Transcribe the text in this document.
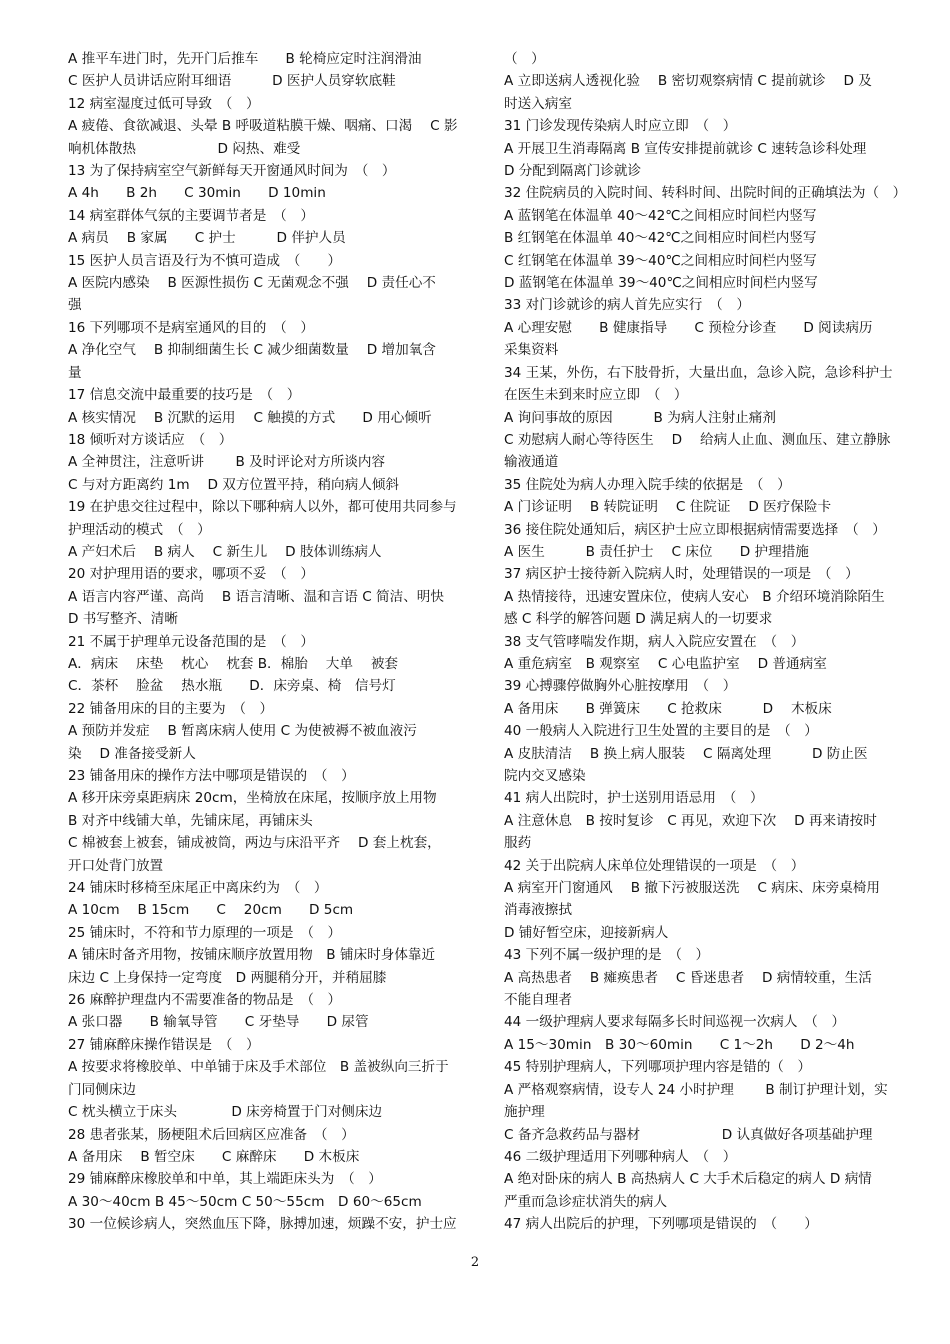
A 推平车进门时，先开门后推车　　B 轮椅应定时注润滑油
C 医护人员讲话应附耳细语　　　D 医护人员穿软底鞋
12 病室湿度过低可导致　（　）
A 疲倦、食欲减退、头晕 B 呼吸道粘膜干燥、咽痛、口渴　 C 影
响机体散热　　　　　　D 闷热、难受
13 为了保持病室空气新鲜每天开窗通风时间为　（　）
A 4h　　B 2h　　C 30min　　D 10min
14 病室群体气氛的主要调节者是　（　）
A 病员　 B 家属　　C 护士　　　D 伴护人员
15 医护人员言语及行为不慎可造成　（　　）
A 医院内感染　 B 医源性损伤 C 无菌观念不强　 D 责任心不
强
16 下列哪项不是病室通风的目的　（　）
A 净化空气　 B 抑制细菌生长 C 减少细菌数量　 D 增加氧含
量
17 信息交流中最重要的技巧是　（　）
A 核实情况　 B 沉默的运用　 C 触摸的方式　　D 用心倾听
18 倾听对方谈话应　（　）
A 全神贯注，注意听讲　　 B 及时评论对方所谈内容
C 与对方距离约 1m　 D 双方位置平持，稍向病人倾斜
19 在护患交往过程中，除以下哪种病人以外，都可使用共同参与
护理活动的模式　（　）
A 产妇术后　 B 病人　 C 新生儿　 D 肢体训练病人
20 对护理用语的要求，哪项不妥　（　）
A 语言内容严谨、高尚　 B 语言清晰、温和言语 C 简洁、明快
D 书写整齐、清晰
21 不属于护理单元设备范围的是　（　）
A．病床　 床垫　 枕心　 枕套 B．棉胎　 大单　 被套
C．茶杯　 脸盆　 热水瓶　　D．床旁桌、椅　信号灯
22 铺备用床的目的主要为　（　）
A 预防并发症　 B 暂离床病人使用 C 为使被褥不被血液污
染　 D 准备接受新人
23 铺备用床的操作方法中哪项是错误的　（　）
A 移开床旁桌距病床 20cm，坐椅放在床尾，按顺序放上用物
B 对齐中线铺大单，先铺床尾，再铺床头
C 棉被套上被套，铺成被筒，两边与床沿平齐　 D 套上枕套，
开口处背门放置
24 铺床时移椅至床尾正中离床约为　（　）
A 10cm　 B 15cm　　C　 20cm　　D 5cm
25 铺床时，不符和节力原理的一项是　（　）
A 铺床时备齐用物，按铺床顺序放置用物　B 铺床时身体靠近
床边 C 上身保持一定弯度　D 两腿稍分开，并稍屈膝
26 麻醉护理盘内不需要准备的物品是　（　）
A 张口器　　B 输氧导管　　C 牙垫导　　D 尿管
27 铺麻醉床操作错误是　（　）
A 按要求将橡胶单、中单铺于床及手术部位　B 盖被纵向三折于
门同侧床边
C 枕头横立于床头　　　　D 床旁椅置于门对侧床边
28 患者张某，肠梗阻术后回病区应准备　（　）
A 备用床　 B 暂空床　　C 麻醉床　　D 木板床
29 铺麻醉床橡胶单和中单，其上端距床头为　（　）
A 30～40cm B 45～50cm C 50～55cm　D 60～65cm
30 一位候诊病人，突然血压下降，脉搏加速，烦躁不安，护士应
（　）
A 立即送病人透视化验　 B 密切观察病情 C 提前就诊　 D 及
时送入病室
31 门诊发现传染病人时应立即　（　）
A 开展卫生消毒隔离 B 宣传安排提前就诊 C 速转急诊科处理
D 分配到隔离门诊就诊
32 住院病员的入院时间、转科时间、出院时间的正确填法为（　）
A 蓝钢笔在体温单 40～42℃之间相应时间栏内竖写
B 红钢笔在体温单 40～42℃之间相应时间栏内竖写
C 红钢笔在体温单 39～40℃之间相应时间栏内竖写
D 蓝钢笔在体温单 39～40℃之间相应时间栏内竖写
33 对门诊就诊的病人首先应实行　（　）
A 心理安慰　　B 健康指导　　C 预检分诊查　　D 阅读病历
采集资料
34 王某，外伤，右下肢骨折，大量出血，急诊入院，急诊科护士
在医生未到来时应立即　（　）
A 询问事故的原因　　　B 为病人注射止痛剂
C 劝慰病人耐心等待医生　 D　 给病人止血、测血压、建立静脉
输液通道
35 住院处为病人办理入院手续的依据是　（　）
A 门诊证明　 B 转院证明　 C 住院证　 D 医疗保险卡
36 接住院处通知后，病区护士应立即根据病情需要选择　（　）
A 医生　　　B 责任护士　 C 床位　　D 护理措施
37 病区护士接待新入院病人时，处理错误的一项是　（　）
A 热情接待，迅速安置床位，使病人安心　B 介绍环境消除陌生
感 C 科学的解答问题 D 满足病人的一切要求
38 支气管哮喘发作期，病人入院应安置在　（　）
A 重危病室　B 观察室　 C 心电监护室　 D 普通病室
39 心搏骤停做胸外心脏按摩用　（　）
A 备用床　　B 弹簧床　　C 抢救床　　　D　 木板床
40 一般病人入院进行卫生处置的主要目的是　（　）
A 皮肤清洁　 B 换上病人服装　 C 隔离处理　　　D 防止医
院内交叉感染
41 病人出院时，护士送别用语忌用　（　）
A 注意休息　B 按时复诊　C 再见，欢迎下次　 D 再来请按时
服药
42 关于出院病人床单位处理错误的一项是　（　）
A 病室开门窗通风　 B 撤下污被服送洗　 C 病床、床旁桌椅用
消毒液擦拭
D 铺好暂空床，迎接新病人
43 下列不属一级护理的是　（　）
A 高热患者　 B 瘫痪患者　 C 昏迷患者　 D 病情较重，生活
不能自理者
44 一级护理病人要求每隔多长时间巡视一次病人　（　）
A 15～30min　B 30～60min　　C 1～2h　　D 2～4h
45 特别护理病人，下列哪项护理内容是错的（　）
A 严格观察病情，设专人 24 小时护理　　 B 制订护理计划，实
施护理
C 备齐急救药品与器材　　　　　　D 认真做好各项基础护理
46 二级护理适用下列哪种病人　（　）
A 绝对卧床的病人 B 高热病人 C 大手术后稳定的病人 D 病情
严重而急诊症状消失的病人
47 病人出院后的护理，下列哪项是错误的　（　　）
2
